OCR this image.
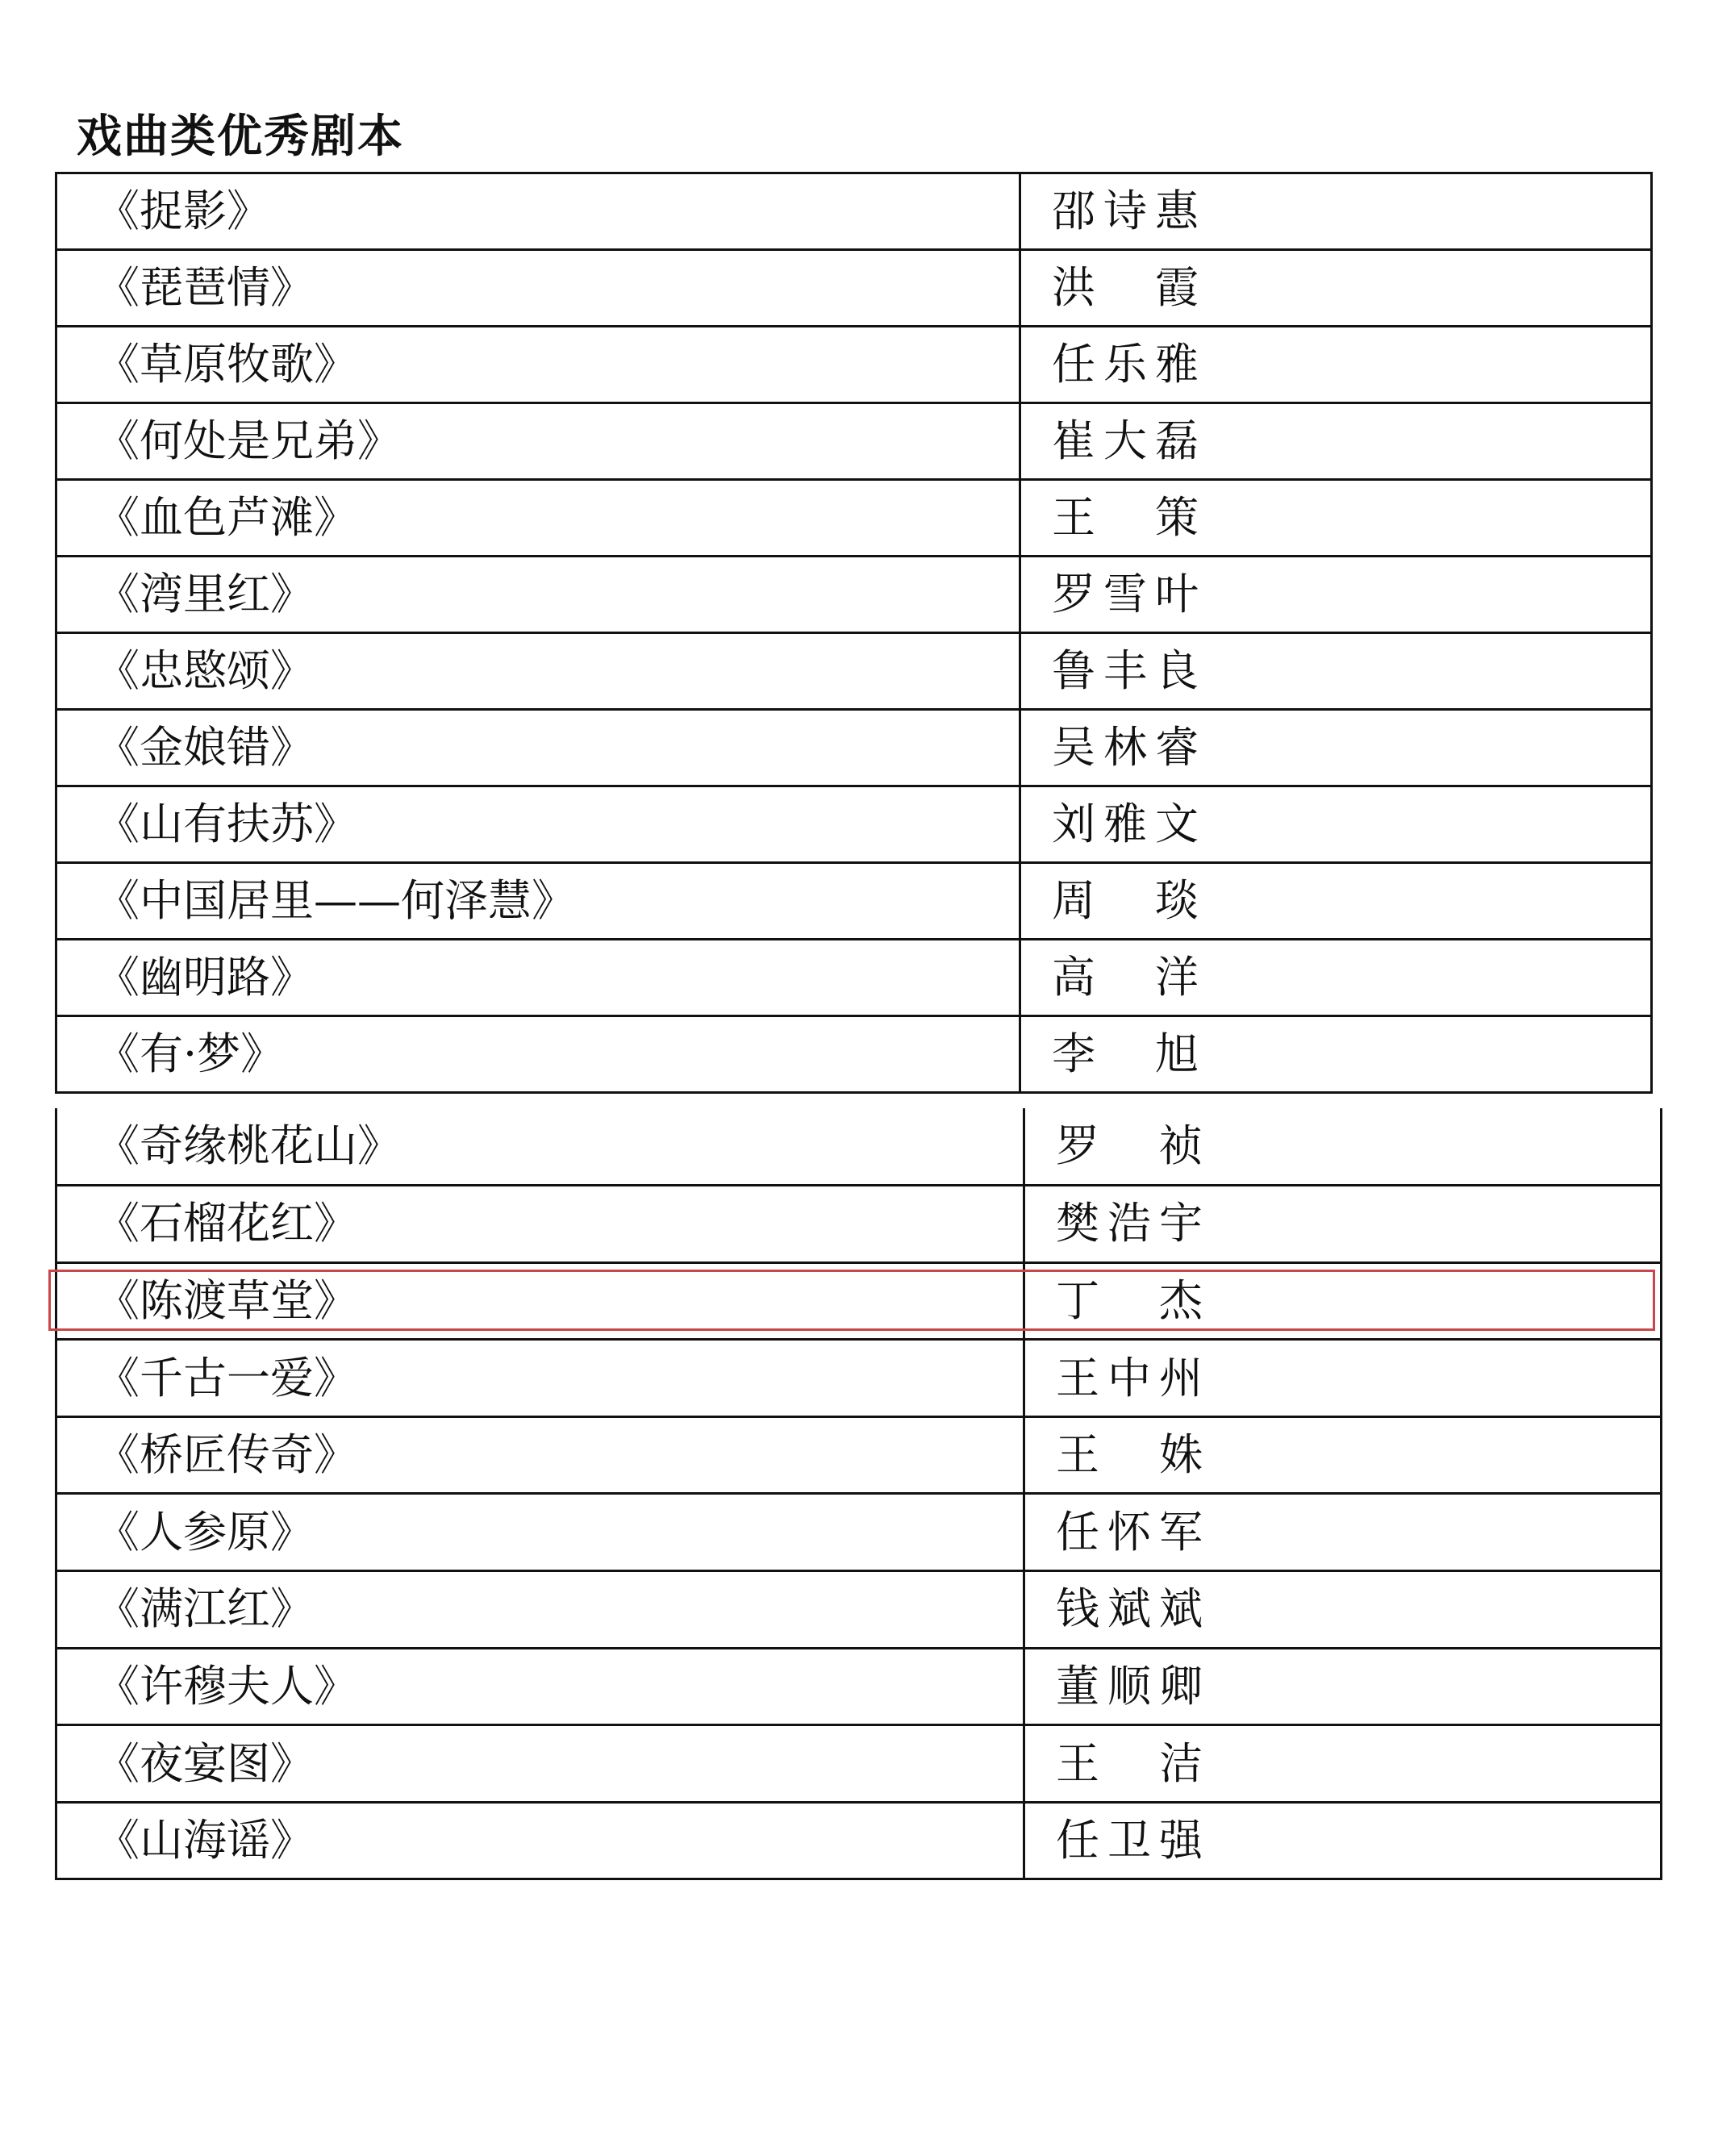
戏曲类优秀剧本
《捉影》	邵诗惠
《琵琶情》	洪　霞
《草原牧歌》	任乐雅
《何处是兄弟》	崔大磊
《血色芦滩》	王　策
《湾里红》	罗雪叶
《忠愍颂》	鲁丰良
《金娘错》	吴林睿
《山有扶苏》	刘雅文
《中国居里——何泽慧》	周　琰
《幽明路》	高　洋
《有·梦》	李　旭
《奇缘桃花山》	罗　祯
《石榴花红》	樊浩宇
《陈渡草堂》	丁　杰
《千古一爱》	王中州
《桥匠传奇》	王　姝
《人参原》	任怀军
《满江红》	钱斌斌
《许穆夫人》	董顺卿
《夜宴图》	王　洁
《山海谣》	任卫强
